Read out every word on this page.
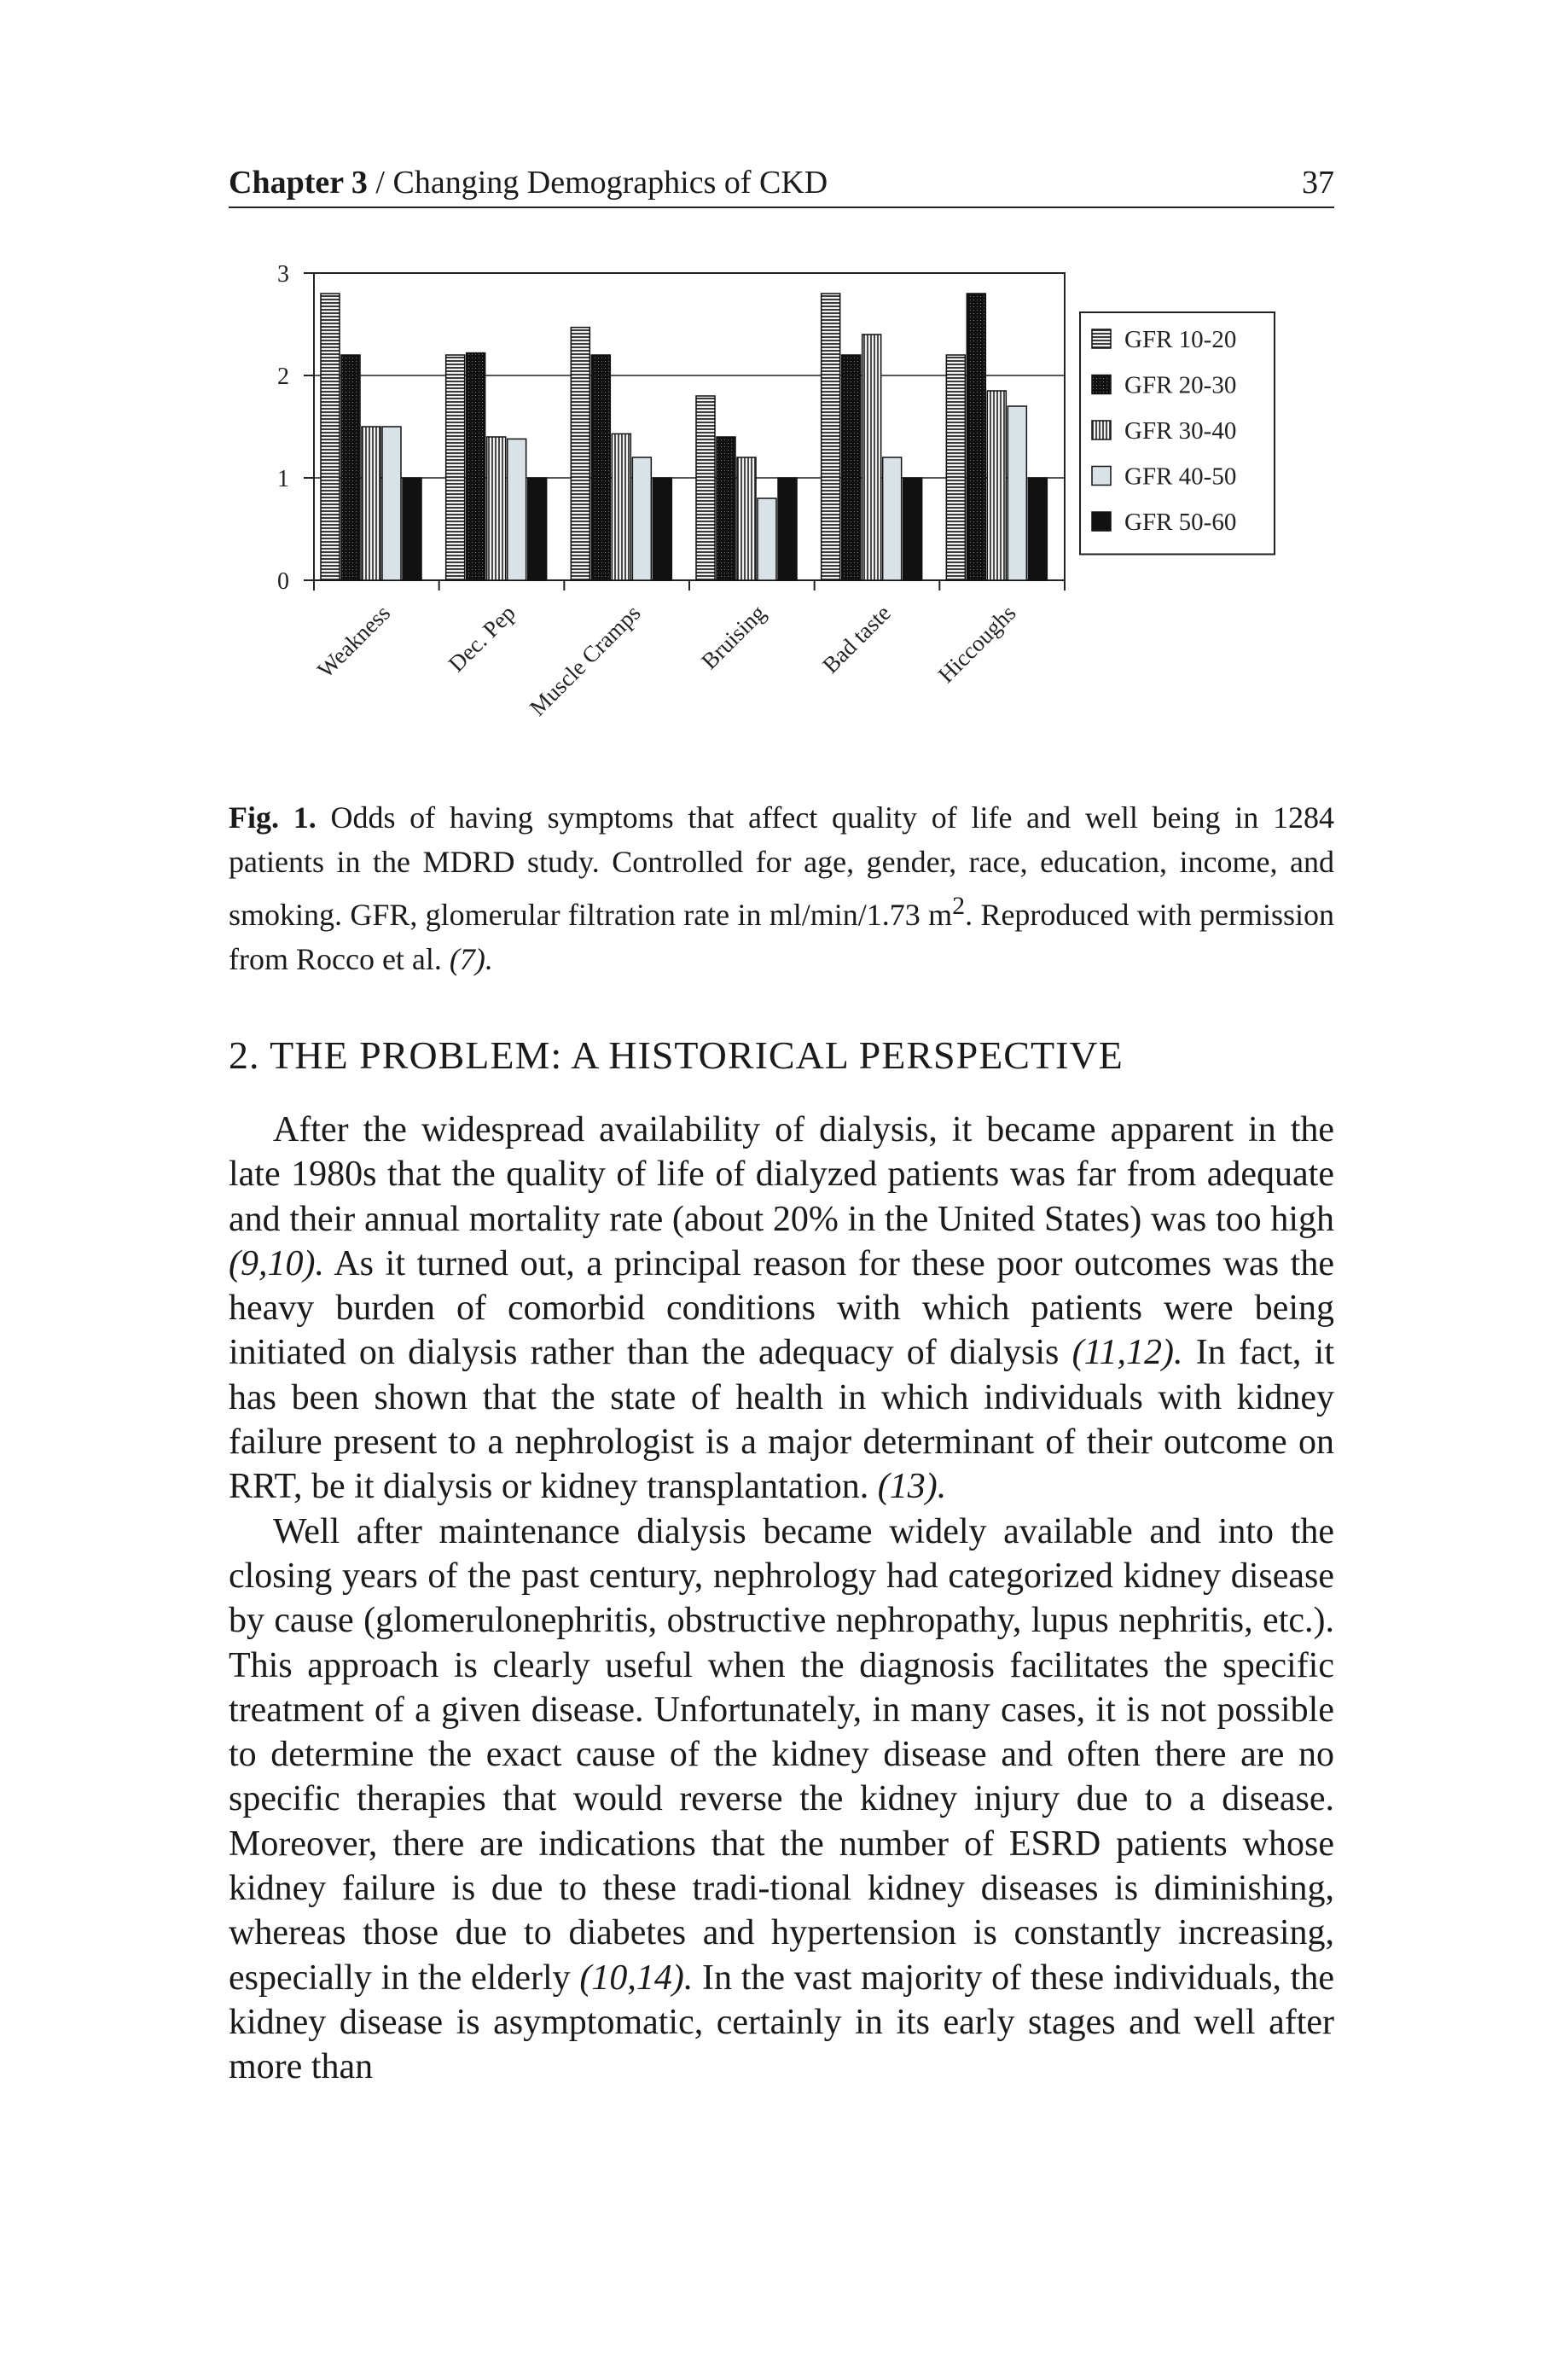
Chapter 3 / Changing Demographics of CKD	37
0
1
2
3
Weakness Dec. Pep Muscle Cramps Bruising Bad taste Hiccoughs
GFR 10-20
GFR 20-30
GFR 30-40
GFR 40-50
GFR 50-60
Fig. 1. Odds of having symptoms that affect quality of life and well being in 1284 patients in the MDRD study. Controlled for age, gender, race, education, income, and smoking. GFR, glomerular filtration rate in ml/min/1.73 $m^2$. Reproduced with permission from Rocco et al. (7).
2. THE PROBLEM: A HISTORICAL PERSPECTIVE

After the widespread availability of dialysis, it became apparent in the late 1980s that the quality of life of dialyzed patients was far from adequate and their annual mortality rate (about 20% in the United States) was too high (9,10). As it turned out, a principal reason for these poor outcomes was the heavy burden of comorbid conditions with which patients were being initiated on dialysis rather than the adequacy of dialysis (11,12). In fact, it has been shown that the state of health in which individuals with kidney failure present to a nephrologist is a major determinant of their outcome on RRT, be it dialysis or kidney transplantation. (13).

Well after maintenance dialysis became widely available and into the closing years of the past century, nephrology had categorized kidney disease by cause (glomerulonephritis, obstructive nephropathy, lupus nephritis, etc.). This approach is clearly useful when the diagnosis facilitates the specific treatment of a given disease. Unfortunately, in many cases, it is not possible to determine the exact cause of the kidney disease and often there are no specific therapies that would reverse the kidney injury due to a disease. Moreover, there are indications that the number of ESRD patients whose kidney failure is due to these tradi-tional kidney diseases is diminishing, whereas those due to diabetes and hypertension is constantly increasing, especially in the elderly (10,14). In the vast majority of these individuals, the kidney disease is asymptomatic, certainly in its early stages and well after more than
